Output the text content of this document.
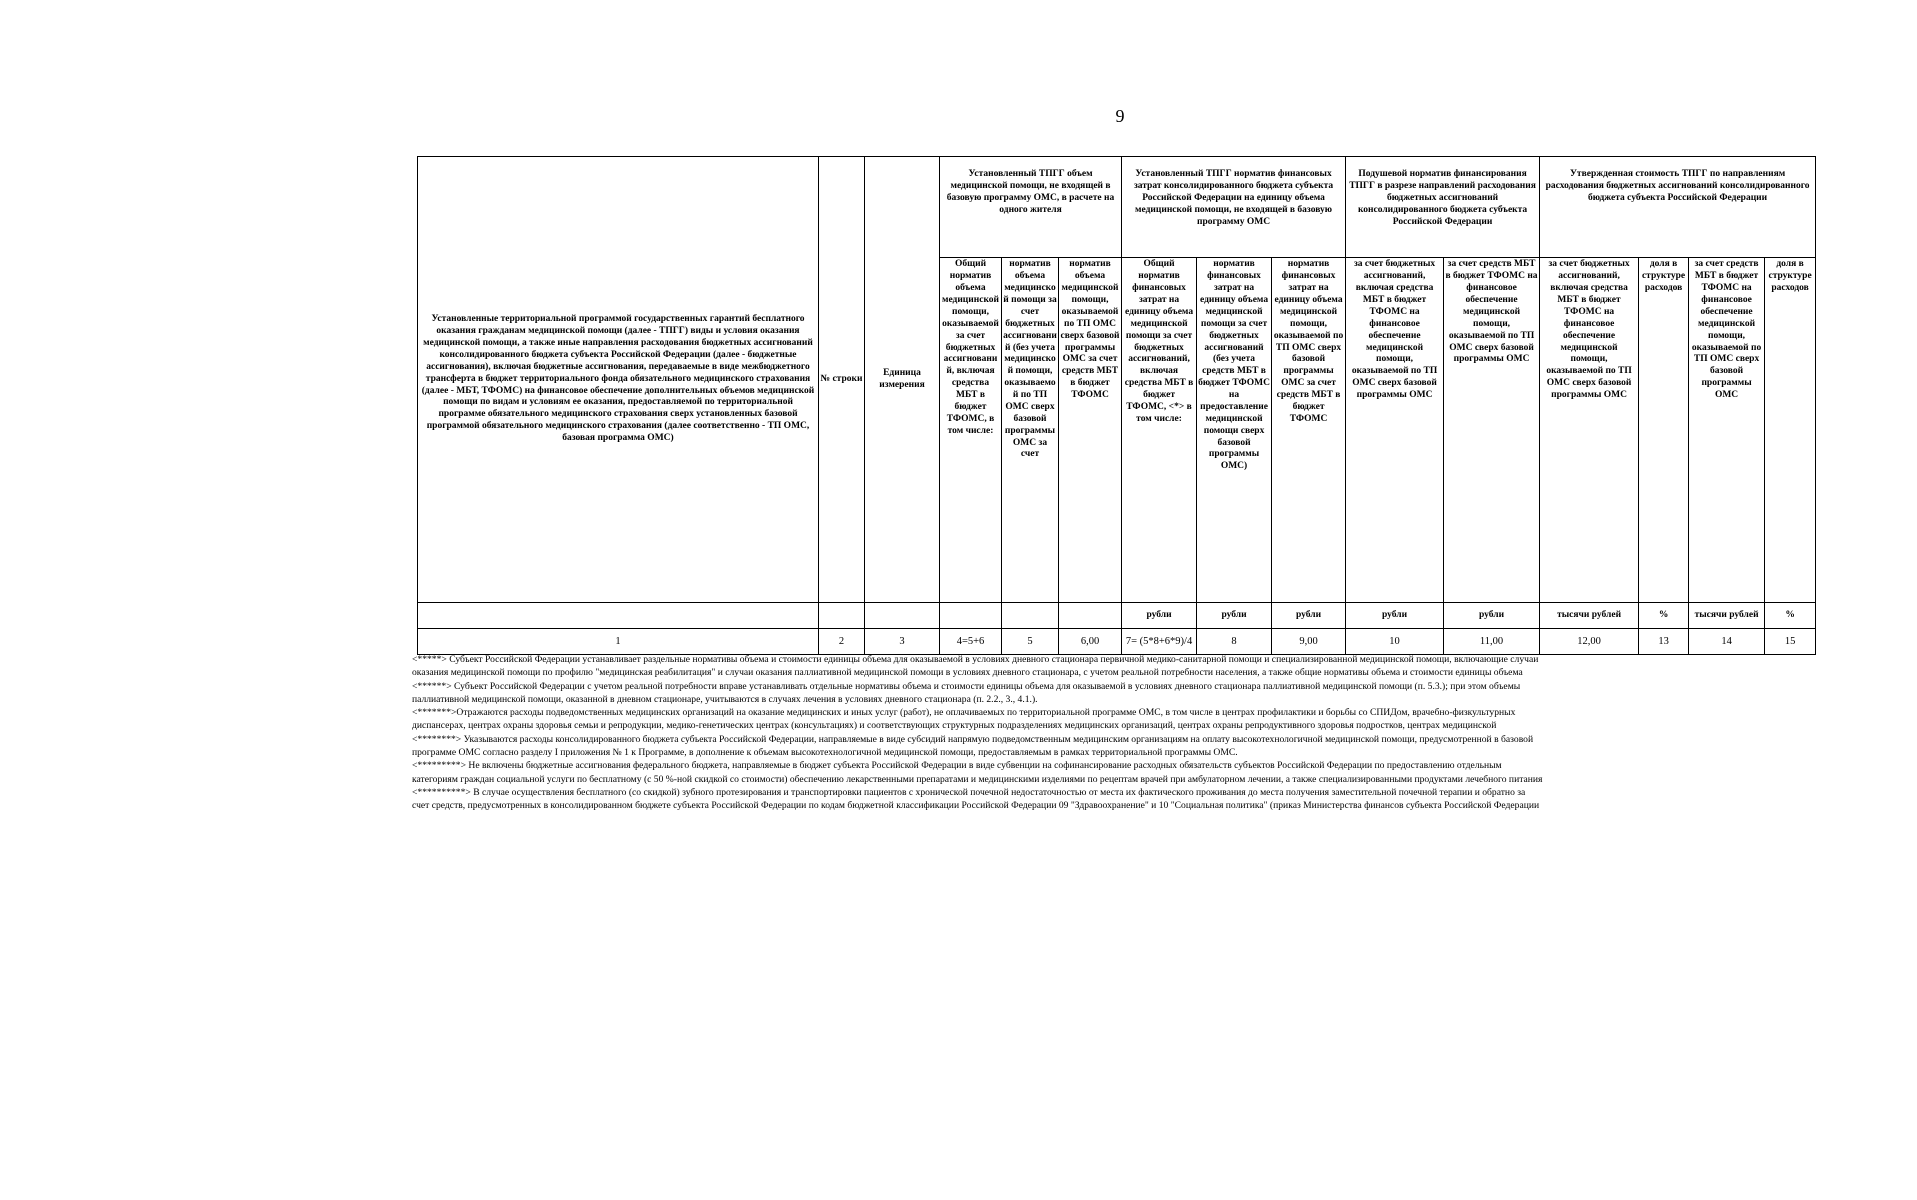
9
Установленные территориальной программой государственных гарантий бесплатного оказания гражданам медицинской помощи (далее - ТПГГ) виды и условия оказания медицинской помощи, а также иные направления расходования бюджетных ассигнований консолидированного бюджета субъекта Российской Федерации (далее - бюджетные ассигнования), включая бюджетные ассигнования, передаваемые в виде межбюджетного трансферта в бюджет территориального фонда обязательного медицинского страхования (далее - МБТ, ТФОМС) на финансовое обеспечение дополнительных объемов медицинской помощи по видам и условиям ее оказания, предоставляемой по территориальной программе обязательного медицинского страхования сверх установленных базовой программой обязательного медицинского страхования (далее соответственно - ТП ОМС, базовая программа ОМС)	№ строки	Единица измерения	Установленный ТПГГ объем медицинской помощи, не входящей в базовую программу ОМС, в расчете на одного жителя			Установленный ТПГГ норматив финансовых затрат консолидированного бюджета субъекта Российской Федерации на единицу объема медицинской помощи, не входящей в базовую программу ОМС			Подушевой норматив финансирования ТПГГ в разрезе направлений расходования бюджетных ассигнований консолидированного бюджета субъекта Российской Федерации		Утвержденная стоимость ТПГГ по направлениям расходования бюджетных ассигнований консолидированного бюджета субъекта Российской Федерации			
			Общий норматив объема медицинской помощи, оказываемой за счет бюджетных ассигнований, включая средства МБТ в бюджет ТФОМС, в том числе:	норматив объема медицинской помощи за счет бюджетных ассигнований (без учета медицинской помощи, оказываемой по ТП ОМС сверх базовой программы ОМС за счет	норматив объема медицинской помощи, оказываемой по ТП ОМС сверх базовой программы ОМС за счет средств МБТ в бюджет ТФОМС	Общий норматив финансовых затрат на единицу объема медицинской помощи за счет бюджетных ассигнований, включая средства МБТ в бюджет ТФОМС, <*> в том числе:	норматив финансовых затрат на единицу объема медицинской помощи за счет бюджетных ассигнований (без учета средств МБТ в бюджет ТФОМС на предоставление медицинской помощи сверх базовой программы ОМС)	норматив финансовых затрат на единицу объема медицинской помощи, оказываемой по ТП ОМС сверх базовой программы ОМС за счет средств МБТ в бюджет ТФОМС	за счет бюджетных ассигнований, включая средства МБТ в бюджет ТФОМС на финансовое обеспечение медицинской помощи, оказываемой по ТП ОМС сверх базовой программы ОМС	за счет средств МБТ в бюджет ТФОМС на финансовое обеспечение медицинской помощи, оказываемой по ТП ОМС сверх базовой программы ОМС	за счет бюджетных ассигнований, включая средства МБТ в бюджет ТФОМС на финансовое обеспечение медицинской помощи, оказываемой по ТП ОМС сверх базовой программы ОМС	доля в структуре расходов	за счет средств МБТ в бюджет ТФОМС на финансовое обеспечение медицинской помощи, оказываемой по ТП ОМС сверх базовой программы ОМС	доля в структуре расходов
						рубли	рубли	рубли	рубли	рубли	тысячи рублей	%	тысячи рублей	%
1	2	3	4=5+6	5	6,00	7= (5*8+6*9)/4	8	9,00	10	11,00	12,00	13	14	15
<*****> Субъект Российской Федерации устанавливает раздельные нормативы объема и стоимости единицы объема для оказываемой в условиях дневного стационара первичной медико-санитарной помощи и специализированной медицинской помощи, включающие случаи
оказания медицинской помощи по профилю "медицинская реабилитация" и случаи оказания паллиативной медицинской помощи в условиях дневного стационара, с учетом реальной потребности населения, а также общие нормативы объема и стоимости единицы объема
<******> Субъект Российской Федерации с учетом реальной потребности вправе устанавливать отдельные нормативы объема и стоимости единицы объема для оказываемой в условиях дневного стационара паллиативной медицинской помощи (п. 5.3.); при этом объемы
паллиативной медицинской помощи, оказанной в дневном стационаре, учитываются в случаях лечения в условиях дневного стационара (п. 2.2., 3., 4.1.).
<*******>Отражаются расходы подведомственных медицинских организаций на оказание медицинских и иных услуг (работ), не оплачиваемых по территориальной программе ОМС, в том числе в центрах профилактики и борьбы со СПИДом, врачебно-физкультурных
диспансерах, центрах охраны здоровья семьи и репродукции, медико-генетических центрах (консультациях) и соответствующих структурных подразделениях медицинских организаций, центрах охраны репродуктивного здоровья подростков, центрах медицинской
<********> Указываются расходы консолидированного бюджета субъекта Российской Федерации, направляемые в виде субсидий напрямую подведомственным медицинским организациям на оплату высокотехнологичной медицинской помощи, предусмотренной в базовой
программе ОМС согласно разделу I приложения № 1 к Программе, в дополнение к объемам высокотехнологичной медицинской помощи, предоставляемым в рамках территориальной программы ОМС.
<*********> Не включены бюджетные ассигнования федерального бюджета, направляемые в бюджет субъекта Российской Федерации в виде субвенции на софинансирование расходных обязательств субъектов Российской Федерации по предоставлению отдельным
категориям граждан социальной услуги по бесплатному (с 50 %-ной скидкой со стоимости) обеспечению лекарственными препаратами и медицинскими изделиями по рецептам врачей при амбулаторном лечении, а также специализированными продуктами лечебного питания
<**********> В случае осуществления бесплатного (со скидкой) зубного протезирования и транспортировки пациентов с хронической почечной недостаточностью от места их фактического проживания до места получения заместительной почечной терапии и обратно за
счет средств, предусмотренных в консолидированном бюджете субъекта Российской Федерации по кодам бюджетной классификации Российской Федерации 09 "Здравоохранение" и 10 "Социальная политика" (приказ Министерства финансов субъекта Российской Федерации
